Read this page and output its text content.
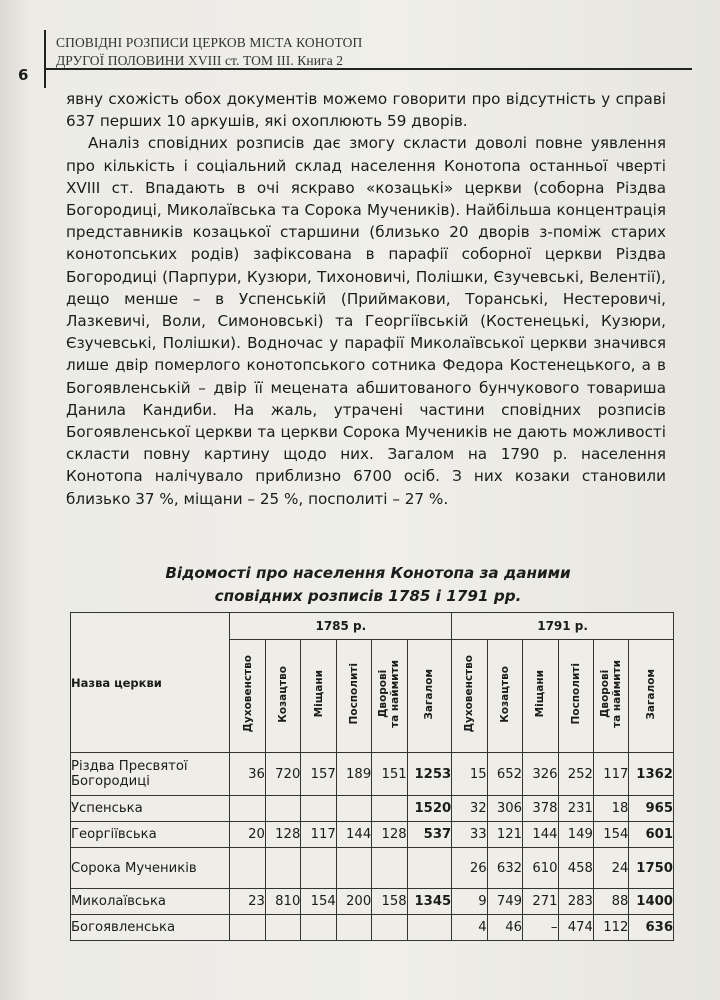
6
СПОВІДНІ РОЗПИСИ ЦЕРКОВ МІСТА КОНОТОП
ДРУГОЇ ПОЛОВИНИ XVIII ст. ТОМ III. Книга 2

явну схожість обох документів можемо говорити про відсутність у справі 637 перших 10 аркушів, які охоплюють 59 дворів.

Аналіз сповідних розписів дає змогу скласти доволі повне уявлення про кількість і соціальний склад населення Конотопа останньої чверті XVIII ст. Впадають в очі яскраво «козацькі» церкви (соборна Різдва Богородиці, Миколаївська та Сорока Мучеників). Найбільша концентрація представників козацької старшини (близько 20 дворів з-поміж старих конотопських родів) зафіксована в парафії соборної церкви Різдва Богородиці (Парпури, Кузюри, Тихоновичі, Полішки, Єзучевські, Велентії), дещо менше – в Успенській (Приймакови, Торанські, Нестеровичі, Лазкевичі, Воли, Симоновські) та Георгіївській (Костенецькі, Кузюри, Єзучевські, Полішки). Водночас у парафії Миколаївської церкви значився лише двір померлого конотопського сотника Федора Костенецького, а в Богоявленській – двір її мецената абшитованого бунчукового товариша Данила Кандиби. На жаль, утрачені частини сповідних розписів Богоявленської церкви та церкви Сорока Мучеників не дають можливості скласти повну картину щодо них. Загалом на 1790 р. населення Конотопа налічувало приблизно 6700 осіб. З них козаки становили близько 37 %, міщани – 25 %, посполиті – 27 %.

Відомості про населення Конотопа за даними
сповідних розписів 1785 і 1791 рр.
Назва церкви	1785 р.						1791 р.					
	Духовенство	Козацтво	Міщани	Посполиті	Дворові
та наймити	Загалом	Духовенство	Козацтво	Міщани	Посполиті	Дворові
та наймити	Загалом
Різдва Пресвятої Богородиці	36	720	157	189	151	1253	15	652	326	252	117	1362
Успенська						1520	32	306	378	231	18	965
Георгіївська	20	128	117	144	128	537	33	121	144	149	154	601
Сорока Мучеників							26	632	610	458	24	1750
Миколаївська	23	810	154	200	158	1345	9	749	271	283	88	1400
Богоявленська							4	46	–	474	112	636
